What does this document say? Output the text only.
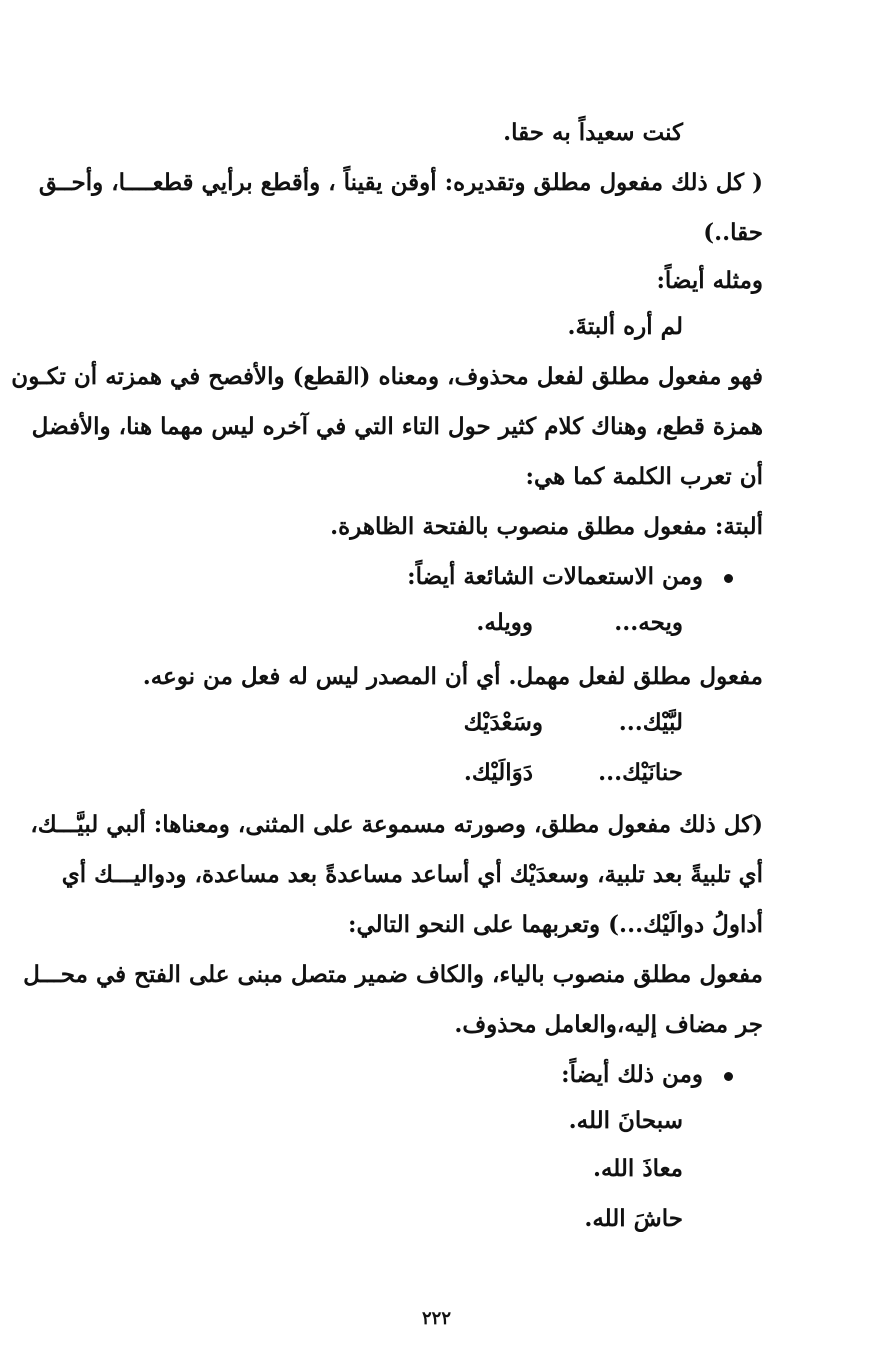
كنت سعيداً به حقا.
( كل ذلك مفعول مطلق وتقديره: أوقن يقيناً ، وأقطع برأيي قطعــــا، وأحــق
حقا..)
ومثله أيضاً:
لم أره ألبتةَ.
فهو مفعول مطلق لفعل محذوف، ومعناه (القطع) والأفصح في همزته أن تكـون
همزة قطع، وهناك كلام كثير حول التاء التي في آخره ليس مهما هنا، والأفضل
أن تعرب الكلمة كما هي:
ألبتة: مفعول مطلق منصوب بالفتحة الظاهرة.
ومن الاستعمالات الشائعة أيضاً:
ويحه...
وويله.
مفعول مطلق لفعل مهمل. أي أن المصدر ليس له فعل من نوعه.
لبَّيْك...
وسَعْدَيْك
حنانَيْك...
دَوَالَيْك.
(كل ذلك مفعول مطلق، وصورته مسموعة على المثنى، ومعناها: ألبي لبيَّـــك،
أي تلبيةً بعد تلبية، وسعدَيْك أي أساعد مساعدةً بعد مساعدة، ودواليـــك أي
أداولُ دوالَيْك...) وتعربهما على النحو التالي:
مفعول مطلق منصوب بالياء، والكاف ضمير متصل مبنى على الفتح في محـــل
جر مضاف إليه،والعامل محذوف.
ومن ذلك أيضاً:
سبحانَ الله.
معاذَ الله.
حاشَ الله.
٢٢٢
